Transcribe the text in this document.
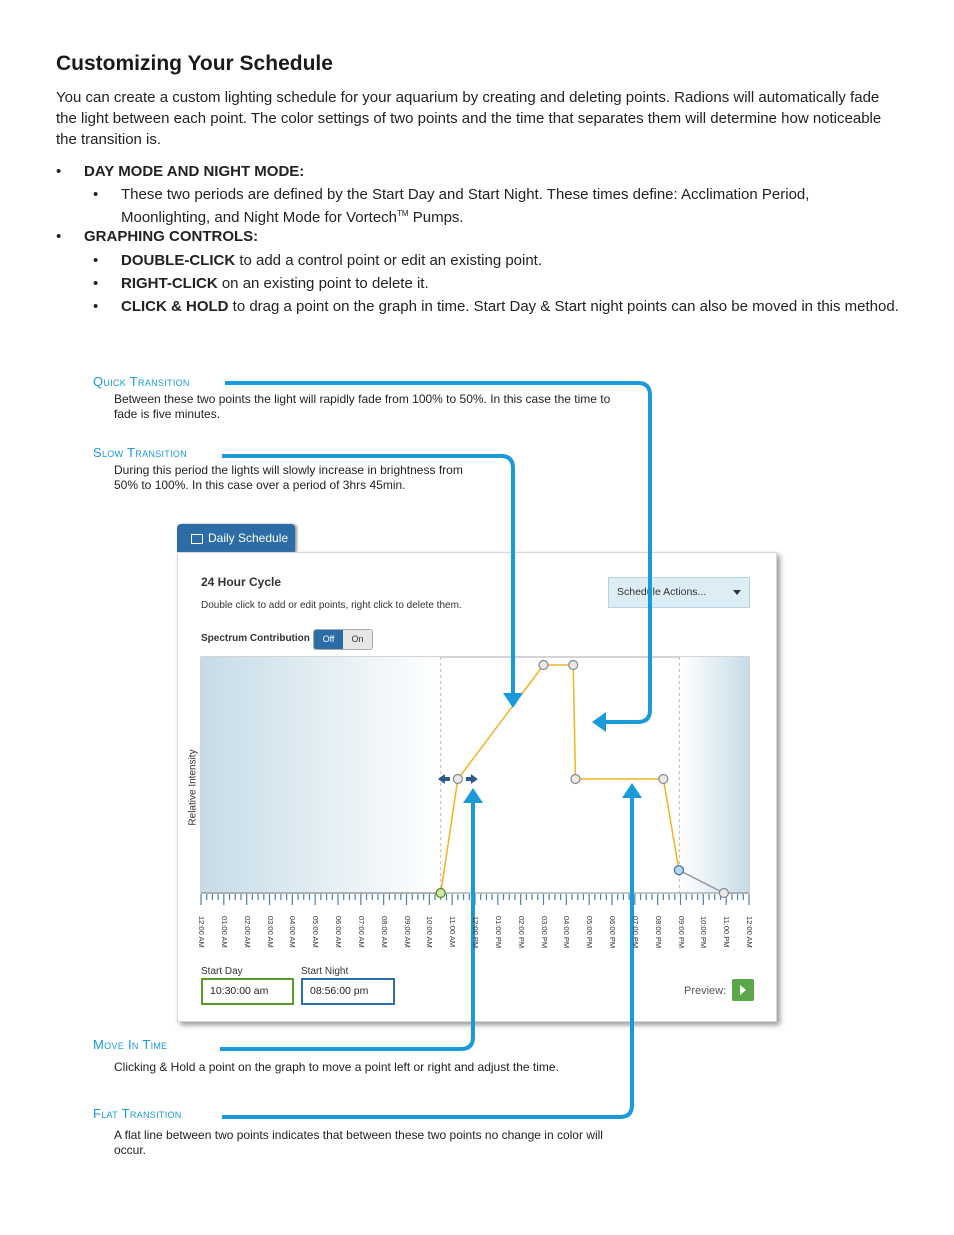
Customizing Your Schedule
You can create a custom lighting schedule for your aquarium by creating and deleting points. Radions will automatically fade the light between each point. The color settings of two points and the time that separates them will determine how noticeable the transition is.
• DAY MODE AND NIGHT MODE:
• These two periods are defined by the Start Day and Start Night. These times define: Acclimation Period, Moonlighting, and Night Mode for Vortech™ Pumps.
• GRAPHING CONTROLS:
• DOUBLE-CLICK to add a control point or edit an existing point.
• RIGHT-CLICK on an existing point to delete it.
• CLICK & HOLD to drag a point on the graph in time. Start Day & Start night points can also be moved in this method.
Quick Transition
Between these two points the light will rapidly fade from 100% to 50%. In this case the time to fade is five minutes.
Slow Transition
During this period the lights will slowly increase in brightness from 50% to 100%. In this case over a period of 3hrs 45min.
Move In Time
Clicking & Hold a point on the graph to move a point left or right and adjust the time.
Flat Transition
A flat line between two points indicates that between these two points no change in color will occur.
Daily Schedule
24 Hour Cycle
Double click to add or edit points, right click to delete them.
Schedule Actions...
Spectrum Contribution	Off	On
Relative Intensity
12:00 AM 01:00 AM 02:00 AM 03:00 AM 04:00 AM 05:00 AM 06:00 AM 07:00 AM 08:00 AM 09:00 AM 10:00 AM 11:00 AM 12:00 PM 01:00 PM 02:00 PM 03:00 PM 04:00 PM 05:00 PM 06:00 PM 07:00 PM 08:00 PM 09:00 PM 10:00 PM 11:00 PM 12:00 AM
Start Day
10:30:00 am
Start Night
08:56:00 pm	Preview:
